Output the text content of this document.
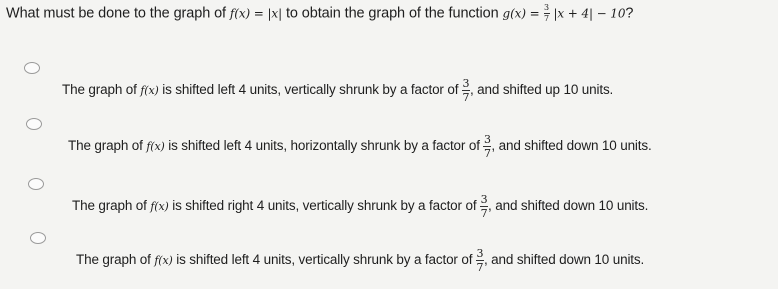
What must be done to the graph of f(x) = |x| to obtain the graph of the function $g(x) = \frac{3}{7} |x + 4| - 10$?
The graph of f(x) is shifted left 4 units, vertically shrunk by a factor of $\frac{3}{7}$ , and shifted up 10 units.
The graph of f(x) is shifted left 4 units, horizontally shrunk by a factor of $\frac{3}{7}$ , and shifted down 10 units.
The graph of f(x) is shifted right 4 units, vertically shrunk by a factor of $\frac{3}{7}$ , and shifted down 10 units.
The graph of f(x) is shifted left 4 units, vertically shrunk by a factor of $\frac{3}{7}$ , and shifted down 10 units.
